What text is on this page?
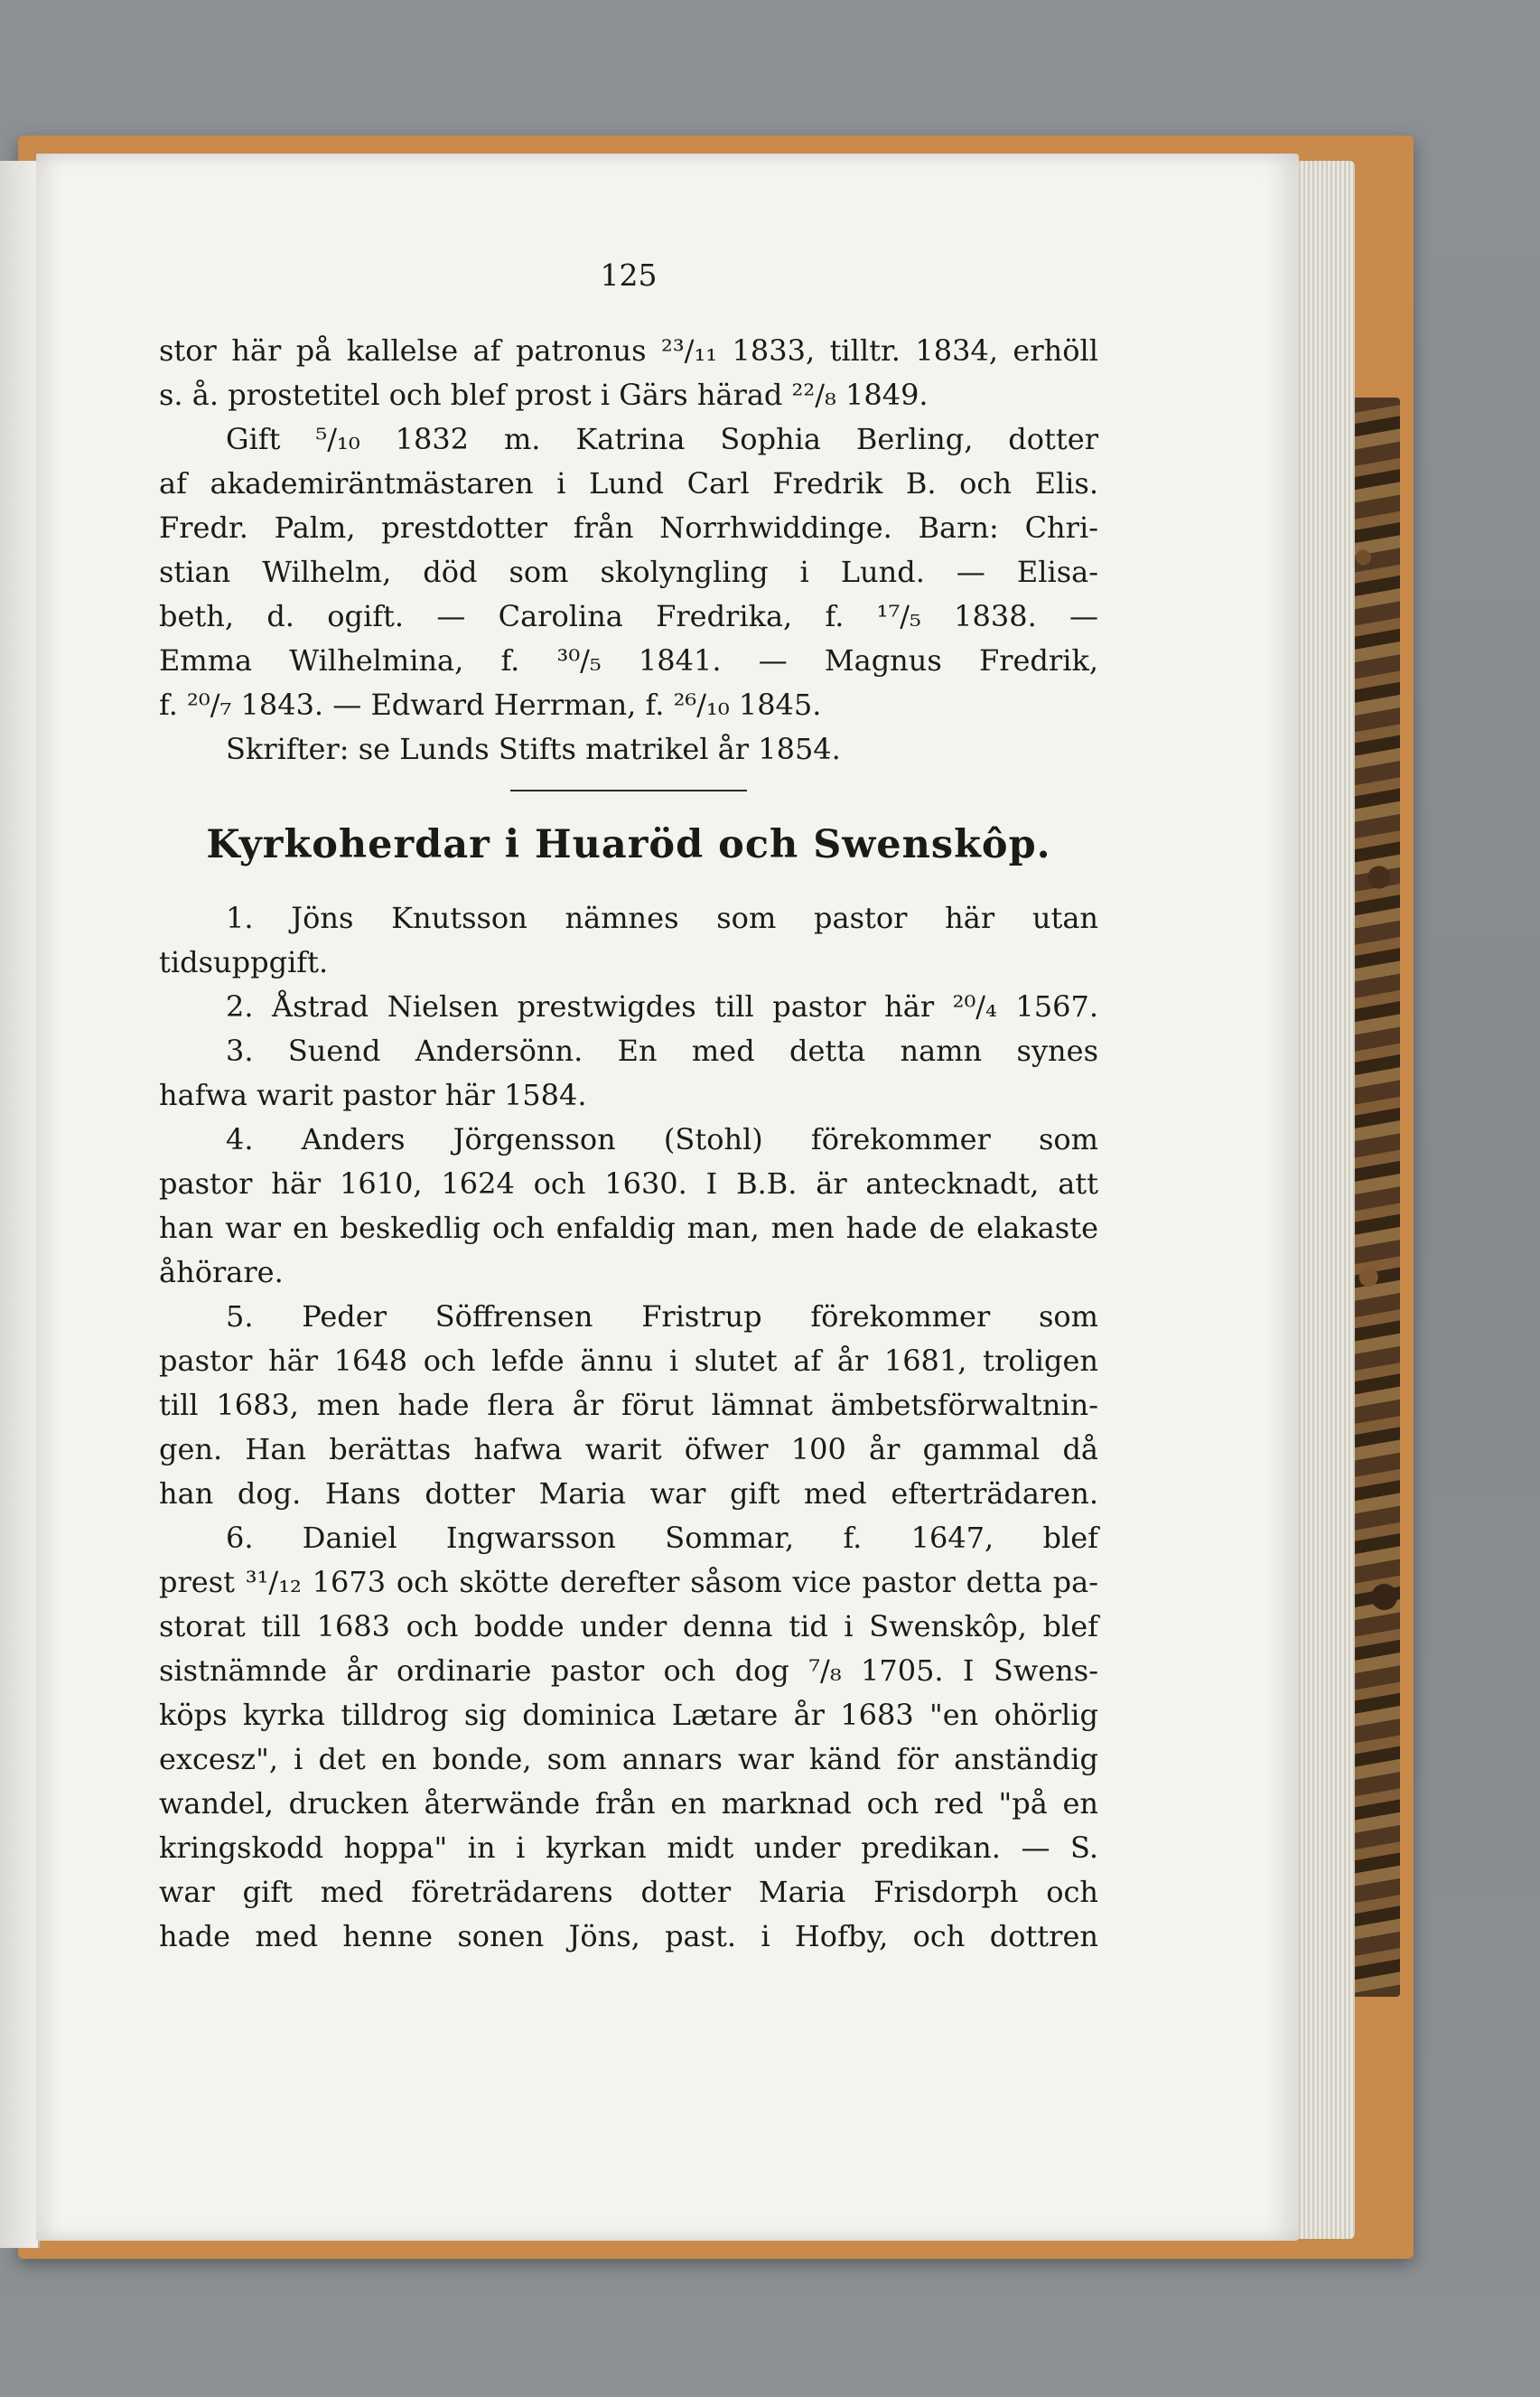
125
stor här på kallelse af patronus ²³/₁₁ 1833, tilltr. 1834, erhöll
s. å. prostetitel och blef prost i Gärs härad ²²/₈ 1849.
Gift ⁵/₁₀ 1832 m. Katrina Sophia Berling, dotter
af akademiräntmästaren i Lund Carl Fredrik B. och Elis.
Fredr. Palm, prestdotter från Norrhwiddinge. Barn: Chri-
stian Wilhelm, död som skolyngling i Lund. — Elisa-
beth, d. ogift. — Carolina Fredrika, f. ¹⁷/₅ 1838. —
Emma Wilhelmina, f. ³⁰/₅ 1841. — Magnus Fredrik,
f. ²⁰/₇ 1843. — Edward Herrman, f. ²⁶/₁₀ 1845.
Skrifter: se Lunds Stifts matrikel år 1854.
Kyrkoherdar i Huaröd och Swenskôp.
1. Jöns Knutsson nämnes som pastor här utan
tidsuppgift.
2. Åstrad Nielsen prestwigdes till pastor här ²⁰/₄ 1567.
3. Suend Andersönn. En med detta namn synes
hafwa warit pastor här 1584.
4. Anders Jörgensson (Stohl) förekommer som
pastor här 1610, 1624 och 1630. I B.B. är antecknadt, att
han war en beskedlig och enfaldig man, men hade de elakaste
åhörare.
5. Peder Söffrensen Fristrup förekommer som
pastor här 1648 och lefde ännu i slutet af år 1681, troligen
till 1683, men hade flera år förut lämnat ämbetsförwaltnin-
gen. Han berättas hafwa warit öfwer 100 år gammal då
han dog. Hans dotter Maria war gift med efterträdaren.
6. Daniel Ingwarsson Sommar, f. 1647, blef
prest ³¹/₁₂ 1673 och skötte derefter såsom vice pastor detta pa-
storat till 1683 och bodde under denna tid i Swenskôp, blef
sistnämnde år ordinarie pastor och dog ⁷/₈ 1705. I Swens-
köps kyrka tilldrog sig dominica Lætare år 1683 "en ohörlig
excesz", i det en bonde, som annars war känd för anständig
wandel, drucken återwände från en marknad och red "på en
kringskodd hoppa" in i kyrkan midt under predikan. — S.
war gift med företrädarens dotter Maria Frisdorph och
hade med henne sonen Jöns, past. i Hofby, och dottren
